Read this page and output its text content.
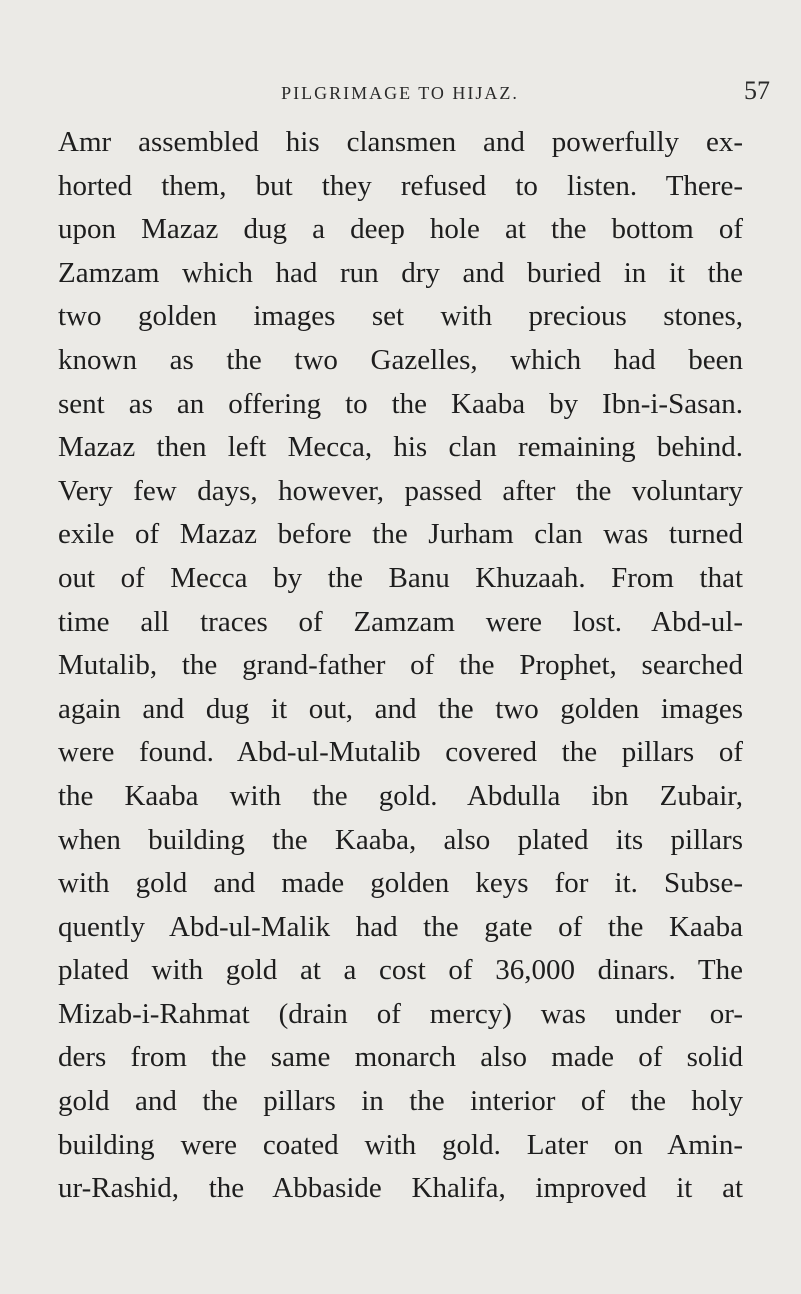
PILGRIMAGE TO HIJAZ.	57
Amr assembled his clansmen and powerfully ex-
horted them, but they refused to listen. There-
upon Mazaz dug a deep hole at the bottom of
Zamzam which had run dry and buried in it the
two golden images set with precious stones,
known as the two Gazelles, which had been
sent as an offering to the Kaaba by Ibn-i-Sasan.
Mazaz then left Mecca, his clan remaining behind.
Very few days, however, passed after the voluntary
exile of Mazaz before the Jurham clan was turned
out of Mecca by the Banu Khuzaah. From that
time all traces of Zamzam were lost. Abd-ul-
Mutalib, the grand-father of the Prophet, searched
again and dug it out, and the two golden images
were found. Abd-ul-Mutalib covered the pillars of
the Kaaba with the gold. Abdulla ibn Zubair,
when building the Kaaba, also plated its pillars
with gold and made golden keys for it. Subse-
quently Abd-ul-Malik had the gate of the Kaaba
plated with gold at a cost of 36,000 dinars. The
Mizab-i-Rahmat (drain of mercy) was under or-
ders from the same monarch also made of solid
gold and the pillars in the interior of the holy
building were coated with gold. Later on Amin-
ur-Rashid, the Abbaside Khalifa, improved it at
